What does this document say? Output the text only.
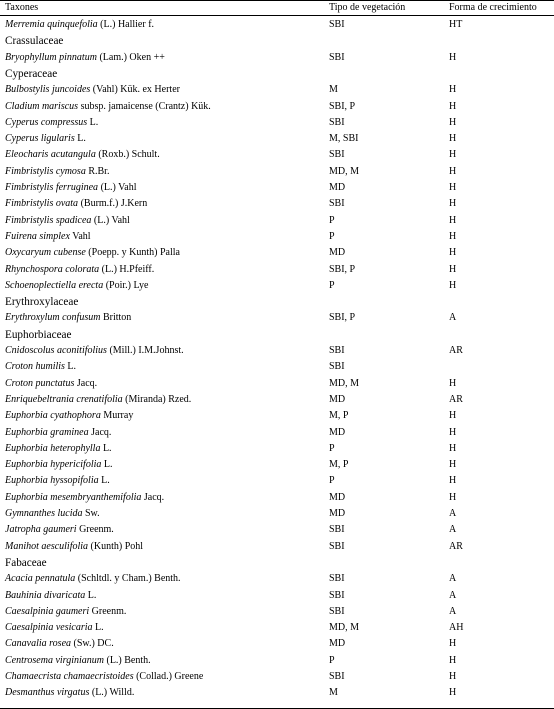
Taxones	Tipo de vegetación	Forma de crecimiento
Merremia quinquefolia (L.) Hallier f.	SBI	HT
Crassulaceae
Bryophyllum pinnatum (Lam.) Oken ++	SBI	H
Cyperaceae
Bulbostylis juncoides (Vahl) Kük. ex Herter	M	H
Cladium mariscus subsp. jamaicense (Crantz) Kük.	SBI, P	H
Cyperus compressus L.	SBI	H
Cyperus ligularis L.	M, SBI	H
Eleocharis acutangula (Roxb.) Schult.	SBI	H
Fimbristylis cymosa R.Br.	MD, M	H
Fimbristylis ferruginea (L.) Vahl	MD	H
Fimbristylis ovata (Burm.f.) J.Kern	SBI	H
Fimbristylis spadicea (L.) Vahl	P	H
Fuirena simplex Vahl	P	H
Oxycaryum cubense (Poepp. y Kunth) Palla	MD	H
Rhynchospora colorata (L.) H.Pfeiff.	SBI, P	H
Schoenoplectiella erecta (Poir.) Lye	P	H
Erythroxylaceae
Erythroxylum confusum Britton	SBI, P	A
Euphorbiaceae
Cnidoscolus aconitifolius (Mill.) I.M.Johnst.	SBI	AR
Croton humilis L.	SBI
Croton punctatus Jacq.	MD, M	H
Enriquebeltrania crenatifolia (Miranda) Rzed.	MD	AR
Euphorbia cyathophora Murray	M, P	H
Euphorbia graminea Jacq.	MD	H
Euphorbia heterophylla L.	P	H
Euphorbia hypericifolia L.	M, P	H
Euphorbia hyssopifolia L.	P	H
Euphorbia mesembryanthemifolia Jacq.	MD	H
Gymnanthes lucida Sw.	MD	A
Jatropha gaumeri Greenm.	SBI	A
Manihot aesculifolia (Kunth) Pohl	SBI	AR
Fabaceae
Acacia pennatula (Schltdl. y Cham.) Benth.	SBI	A
Bauhinia divaricata L.	SBI	A
Caesalpinia gaumeri Greenm.	SBI	A
Caesalpinia vesicaria L.	MD, M	AH
Canavalia rosea (Sw.) DC.	MD	H
Centrosema virginianum (L.) Benth.	P	H
Chamaecrista chamaecristoides (Collad.) Greene	SBI	H
Desmanthus virgatus (L.) Willd.	M	H
